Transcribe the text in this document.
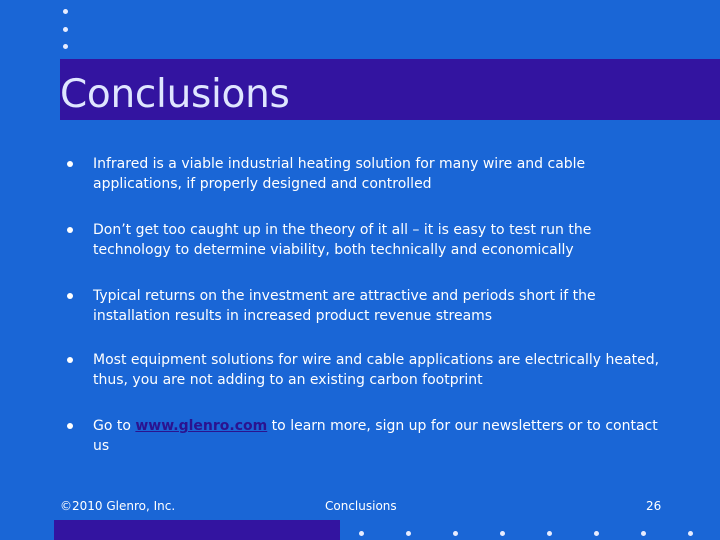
Conclusions
Infrared is a viable industrial heating solution for many wire and cable applications, if properly designed and controlled
Don’t get too caught up in the theory of it all – it is easy to test run the technology to determine viability, both technically and economically
Typical returns on the investment are attractive and periods short if the installation results in increased product revenue streams
Most equipment solutions for wire and cable applications are electrically heated, thus, you are not adding to an existing carbon footprint
Go to www.glenro.com to learn more, sign up for our newsletters or to contact us
©2010 Glenro, Inc.	Conclusions	26
